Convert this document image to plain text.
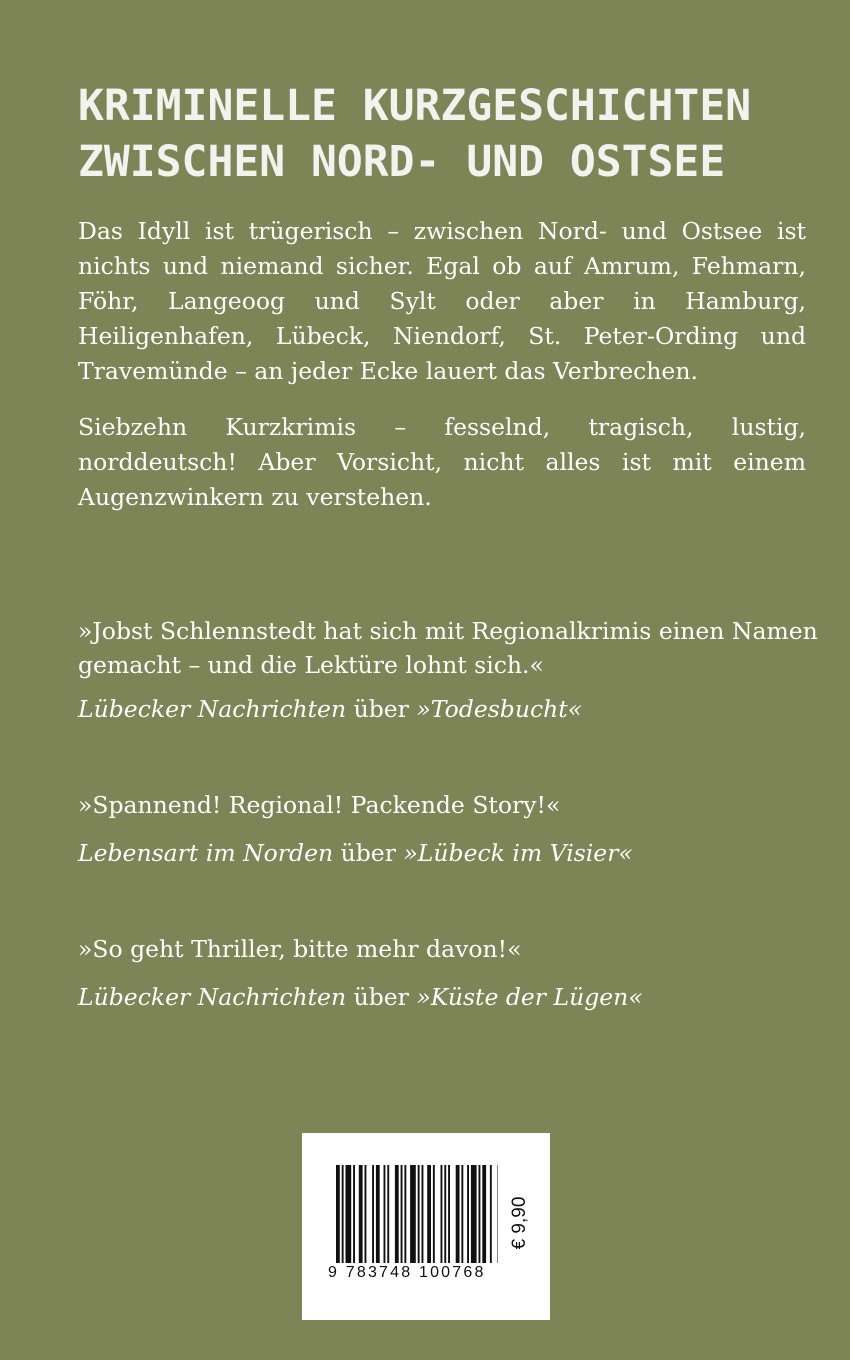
KRIMINELLE KURZGESCHICHTEN
ZWISCHEN NORD- UND OSTSEE
Das Idyll ist trügerisch – zwischen Nord- und Ostsee ist nichts und niemand sicher. Egal ob auf Amrum, Fehmarn, Föhr, Langeoog und Sylt oder aber in Hamburg, Heiligenhafen, Lübeck, Niendorf, St. Peter-Ording und Travemünde – an jeder Ecke lauert das Verbrechen.
Siebzehn Kurzkrimis – fesselnd, tragisch, lustig, norddeutsch! Aber Vorsicht, nicht alles ist mit einem Augenzwinkern zu verstehen.
»Jobst Schlennstedt hat sich mit Regionalkrimis einen Namen gemacht – und die Lektüre lohnt sich.«
Lübecker Nachrichten über »Todesbucht«
»Spannend! Regional! Packende Story!«
Lebensart im Norden über »Lübeck im Visier«
»So geht Thriller, bitte mehr davon!«
Lübecker Nachrichten über »Küste der Lügen«
9 783748 100768
€ 9,90
